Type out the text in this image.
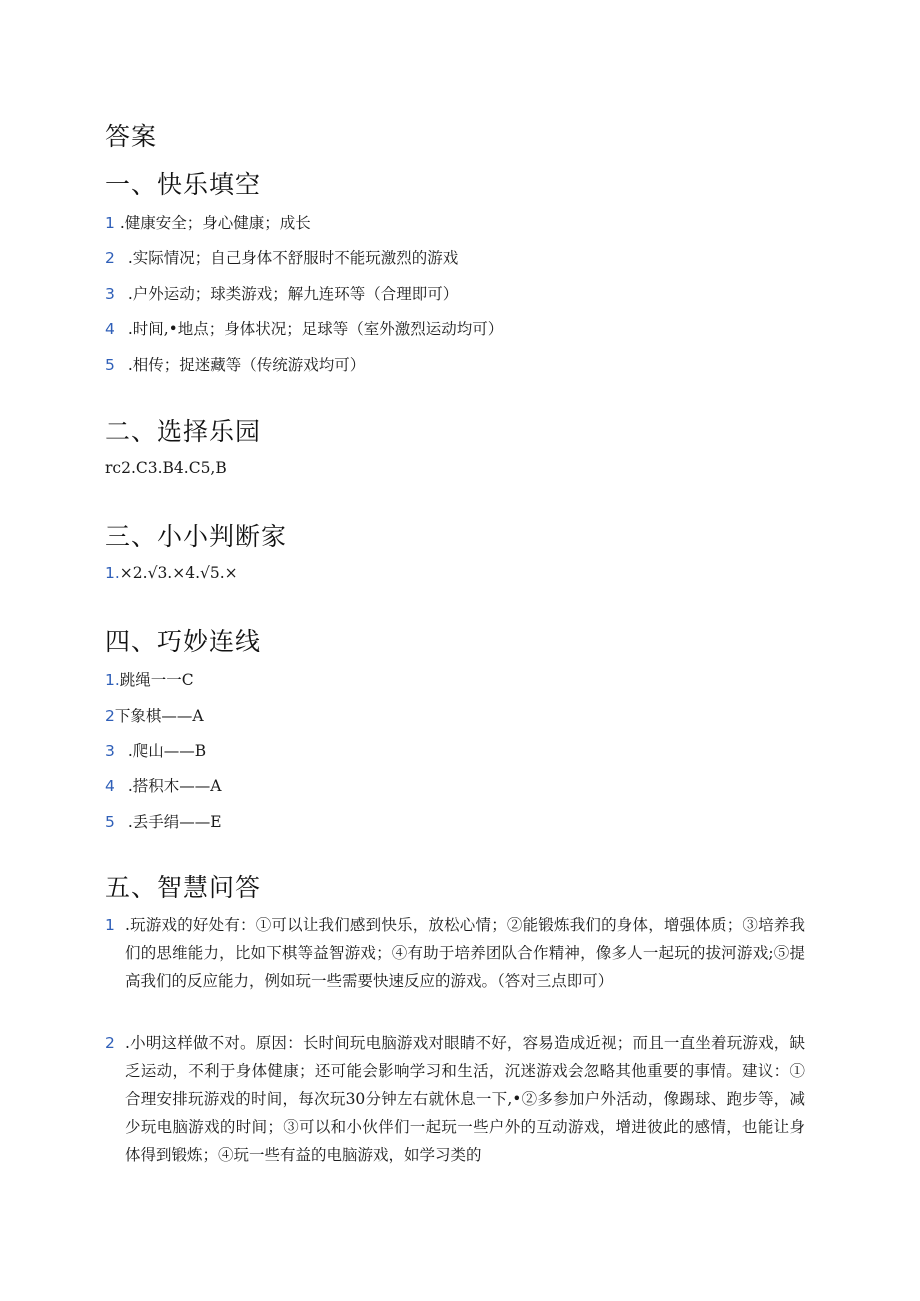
答案
一、快乐填空
1 .健康安全；身心健康；成长
2 .实际情况；自己身体不舒服时不能玩激烈的游戏
3 .户外运动；球类游戏；解九连环等（合理即可）
4 .时间,•地点；身体状况；足球等（室外激烈运动均可）
5 .相传；捉迷藏等（传统游戏均可）
二、选择乐园
rc2.C3.B4.C5,B
三、小小判断家
1.×2.√3.×4.√5.×
四、巧妙连线
1.跳绳一一C
2下象棋——A
3 .爬山——B
4 .搭积木——A
5 .丢手绢——E
五、智慧问答
1 .玩游戏的好处有：①可以让我们感到快乐，放松心情；②能锻炼我们的身体，增强体质；③培养我们的思维能力，比如下棋等益智游戏；④有助于培养团队合作精神，像多人一起玩的拔河游戏;⑤提高我们的反应能力，例如玩一些需要快速反应的游戏。（答对三点即可）
2 .小明这样做不对。原因：长时间玩电脑游戏对眼睛不好，容易造成近视；而且一直坐着玩游戏，缺乏运动，不利于身体健康；还可能会影响学习和生活，沉迷游戏会忽略其他重要的事情。建议：①合理安排玩游戏的时间，每次玩30分钟左右就休息一下,•②多参加户外活动，像踢球、跑步等，减少玩电脑游戏的时间；③可以和小伙伴们一起玩一些户外的互动游戏，增进彼此的感情，也能让身体得到锻炼；④玩一些有益的电脑游戏，如学习类的
